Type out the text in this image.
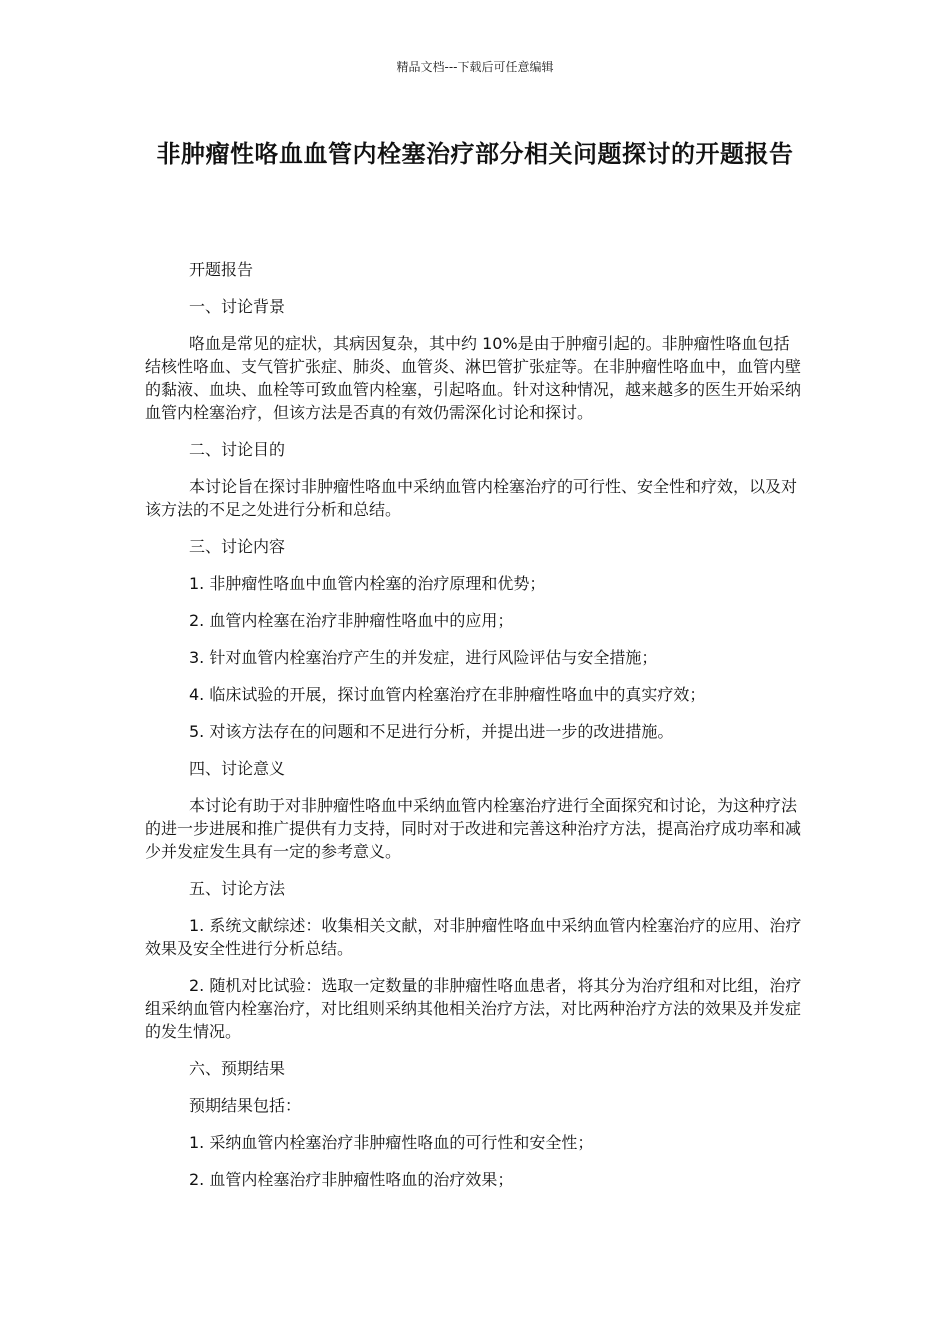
精品文档---下载后可任意编辑
非肿瘤性咯血血管内栓塞治疗部分相关问题探讨的开题报告

开题报告

一、讨论背景

咯血是常见的症状，其病因复杂，其中约 10%是由于肿瘤引起的。非肿瘤性咯血包括结核性咯血、支气管扩张症、肺炎、血管炎、淋巴管扩张症等。在非肿瘤性咯血中，血管内壁的黏液、血块、血栓等可致血管内栓塞，引起咯血。针对这种情况，越来越多的医生开始采纳血管内栓塞治疗，但该方法是否真的有效仍需深化讨论和探讨。

二、讨论目的

本讨论旨在探讨非肿瘤性咯血中采纳血管内栓塞治疗的可行性、安全性和疗效，以及对该方法的不足之处进行分析和总结。

三、讨论内容

1. 非肿瘤性咯血中血管内栓塞的治疗原理和优势；

2. 血管内栓塞在治疗非肿瘤性咯血中的应用；

3. 针对血管内栓塞治疗产生的并发症，进行风险评估与安全措施；

4. 临床试验的开展，探讨血管内栓塞治疗在非肿瘤性咯血中的真实疗效；

5. 对该方法存在的问题和不足进行分析，并提出进一步的改进措施。

四、讨论意义

本讨论有助于对非肿瘤性咯血中采纳血管内栓塞治疗进行全面探究和讨论，为这种疗法的进一步进展和推广提供有力支持，同时对于改进和完善这种治疗方法，提高治疗成功率和减少并发症发生具有一定的参考意义。

五、讨论方法

1. 系统文献综述：收集相关文献，对非肿瘤性咯血中采纳血管内栓塞治疗的应用、治疗效果及安全性进行分析总结。

2. 随机对比试验：选取一定数量的非肿瘤性咯血患者，将其分为治疗组和对比组，治疗组采纳血管内栓塞治疗，对比组则采纳其他相关治疗方法，对比两种治疗方法的效果及并发症的发生情况。

六、预期结果

预期结果包括：

1. 采纳血管内栓塞治疗非肿瘤性咯血的可行性和安全性；

2. 血管内栓塞治疗非肿瘤性咯血的治疗效果；
